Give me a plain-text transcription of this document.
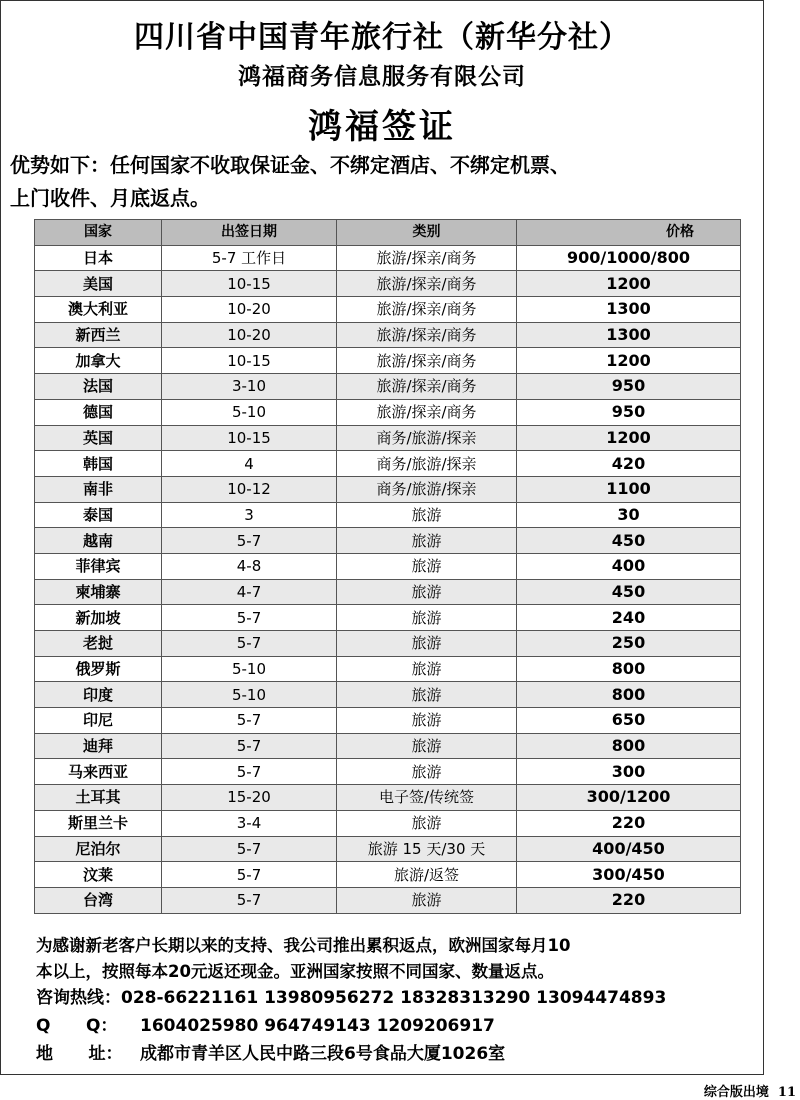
四川省中国青年旅行社（新华分社）
鸿福商务信息服务有限公司
鸿福签证
优势如下：任何国家不收取保证金、不绑定酒店、不绑定机票、
上门收件、月底返点。
国家	出签日期	类别	价格
日本	5-7 工作日	旅游/探亲/商务	900/1000/800
美国	10-15	旅游/探亲/商务	1200
澳大利亚	10-20	旅游/探亲/商务	1300
新西兰	10-20	旅游/探亲/商务	1300
加拿大	10-15	旅游/探亲/商务	1200
法国	3-10	旅游/探亲/商务	950
德国	5-10	旅游/探亲/商务	950
英国	10-15	商务/旅游/探亲	1200
韩国	4	商务/旅游/探亲	420
南非	10-12	商务/旅游/探亲	1100
泰国	3	旅游	30
越南	5-7	旅游	450
菲律宾	4-8	旅游	400
柬埔寨	4-7	旅游	450
新加坡	5-7	旅游	240
老挝	5-7	旅游	250
俄罗斯	5-10	旅游	800
印度	5-10	旅游	800
印尼	5-7	旅游	650
迪拜	5-7	旅游	800
马来西亚	5-7	旅游	300
土耳其	15-20	电子签/传统签	300/1200
斯里兰卡	3-4	旅游	220
尼泊尔	5-7	旅游 15 天/30 天	400/450
汶莱	5-7	旅游/返签	300/450
台湾	5-7	旅游	220
为感谢新老客户长期以来的支持、我公司推出累积返点，欧洲国家每月10
本以上，按照每本20元返还现金。亚洲国家按照不同国家、数量返点。
咨询热线：028-66221161 13980956272 18328313290 13094474893
Q      Q： 1604025980 964749143 1209206917
地      址： 成都市青羊区人民中路三段6号食品大厦1026室
综合版出境 11
